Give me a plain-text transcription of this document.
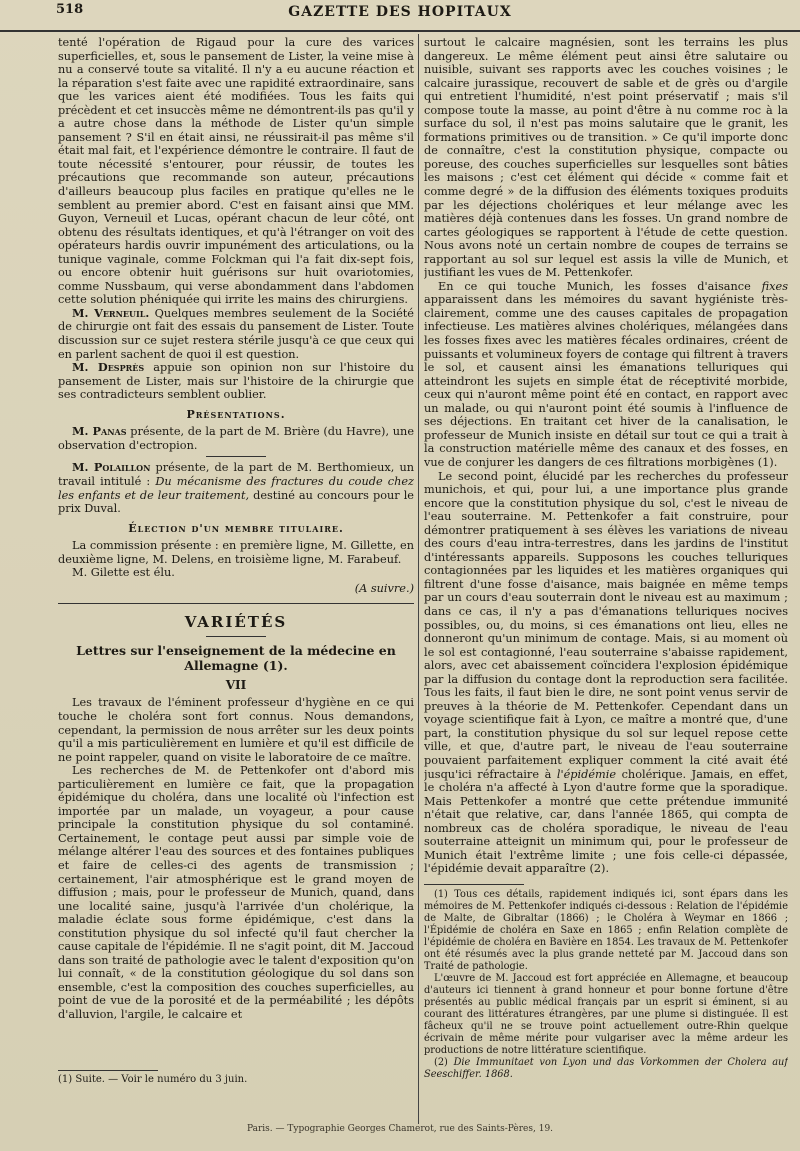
518	GAZETTE DES HOPITAUX

tenté l'opération de Rigaud pour la cure des varices superficielles, et, sous le pansement de Lister, la veine mise à nu a conservé toute sa vitalité. Il n'y a eu aucune réaction et la réparation s'est faite avec une rapidité extraordinaire, sans que les varices aient été modifiées. Tous les faits qui précèdent et cet insuccès même ne démontrent-ils pas qu'il y a autre chose dans la méthode de Lister qu'un simple pansement ? S'il en était ainsi, ne réussirait-il pas même s'il était mal fait, et l'expérience démontre le contraire. Il faut de toute nécessité s'entourer, pour réussir, de toutes les précautions que recommande son auteur, précautions d'ailleurs beaucoup plus faciles en pratique qu'elles ne le semblent au premier abord. C'est en faisant ainsi que MM. Guyon, Verneuil et Lucas, opérant chacun de leur côté, ont obtenu des résultats identiques, et qu'à l'étranger on voit des opérateurs hardis ouvrir impunément des articulations, ou la tunique vaginale, comme Folckman qui l'a fait dix-sept fois, ou encore obtenir huit guérisons sur huit ovariotomies, comme Nussbaum, qui verse abondamment dans l'abdomen cette solution phéniquée qui irrite les mains des chirurgiens.

M. Verneuil. Quelques membres seulement de la Société de chirurgie ont fait des essais du pansement de Lister. Toute discussion sur ce sujet restera stérile jusqu'à ce que ceux qui en parlent sachent de quoi il est question.

M. Desprès appuie son opinion non sur l'histoire du pansement de Lister, mais sur l'histoire de la chirurgie que ses contradicteurs semblent oublier.

Présentations.

M. Panas présente, de la part de M. Brière (du Havre), une observation d'ectropion.

M. Polaillon présente, de la part de M. Berthomieux, un travail intitulé : Du mécanisme des fractures du coude chez les enfants et de leur traitement, destiné au concours pour le prix Duval.

Élection d'un membre titulaire.

La commission présente : en première ligne, M. Gillette, en deuxième ligne, M. Delens, en troisième ligne, M. Farabeuf.

M. Gilette est élu.

(A suivre.)
VARIÉTÉS
Lettres sur l'enseignement de la médecine en Allemagne (1).
VII

Les travaux de l'éminent professeur d'hygiène en ce qui touche le choléra sont fort connus. Nous demandons, cependant, la permission de nous arrêter sur les deux points qu'il a mis particulièrement en lumière et qu'il est difficile de ne point rappeler, quand on visite le laboratoire de ce maître.

Les recherches de M. de Pettenkofer ont d'abord mis particulièrement en lumière ce fait, que la propagation épidémique du choléra, dans une localité où l'infection est importée par un malade, un voyageur, a pour cause principale la constitution physique du sol contaminé. Certainement, le contage peut aussi par simple voie de mélange altérer l'eau des sources et des fontaines publiques et faire de celles-ci des agents de transmission ; certainement, l'air atmosphérique est le grand moyen de diffusion ; mais, pour le professeur de Munich, quand, dans une localité saine, jusqu'à l'arrivée d'un cholérique, la maladie éclate sous forme épidémique, c'est dans la constitution physique du sol infecté qu'il faut chercher la cause capitale de l'épidémie. Il ne s'agit point, dit M. Jaccoud dans son traité de pathologie avec le talent d'exposition qu'on lui connaît, « de la constitution géologique du sol dans son ensemble, c'est la composition des couches superficielles, au point de vue de la porosité et de la perméabilité ; les dépôts d'alluvion, l'argile, le calcaire et

(1) Suite. — Voir le numéro du 3 juin.

surtout le calcaire magnésien, sont les terrains les plus dangereux. Le même élément peut ainsi être salutaire ou nuisible, suivant ses rapports avec les couches voisines ; le calcaire jurassique, recouvert de sable et de grès ou d'argile qui entretient l'humidité, n'est point préservatif ; mais s'il compose toute la masse, au point d'être à nu comme roc à la surface du sol, il n'est pas moins salutaire que le granit, les formations primitives ou de transition. » Ce qu'il importe donc de connaître, c'est la constitution physique, compacte ou poreuse, des couches superficielles sur lesquelles sont bâties les maisons ; c'est cet élément qui décide « comme fait et comme degré » de la diffusion des éléments toxiques produits par les déjections cholériques et leur mélange avec les matières déjà contenues dans les fosses. Un grand nombre de cartes géologiques se rapportent à l'étude de cette question. Nous avons noté un certain nombre de coupes de terrains se rapportant au sol sur lequel est assis la ville de Munich, et justifiant les vues de M. Pettenkofer.

En ce qui touche Munich, les fosses d'aisance fixes apparaissent dans les mémoires du savant hygiéniste très-clairement, comme une des causes capitales de propagation infectieuse. Les matières alvines cholériques, mélangées dans les fosses fixes avec les matières fécales ordinaires, créent de puissants et volumineux foyers de contage qui filtrent à travers le sol, et causent ainsi les émanations telluriques qui atteindront les sujets en simple état de réceptivité morbide, ceux qui n'auront même point été en contact, en rapport avec un malade, ou qui n'auront point été soumis à l'influence de ses déjections. En traitant cet hiver de la canalisation, le professeur de Munich insiste en détail sur tout ce qui a trait à la construction matérielle même des canaux et des fosses, en vue de conjurer les dangers de ces filtrations morbigènes (1).

Le second point, élucidé par les recherches du professeur munichois, et qui, pour lui, a une importance plus grande encore que la constitution physique du sol, c'est le niveau de l'eau souterraine. M. Pettenkofer a fait construire, pour démontrer pratiquement à ses élèves les variations de niveau des cours d'eau intra-terrestres, dans les jardins de l'institut d'intéressants appareils. Supposons les couches telluriques contagionnées par les liquides et les matières organiques qui filtrent d'une fosse d'aisance, mais baignée en même temps par un cours d'eau souterrain dont le niveau est au maximum ; dans ce cas, il n'y a pas d'émanations telluriques nocives possibles, ou, du moins, si ces émanations ont lieu, elles ne donneront qu'un minimum de contage. Mais, si au moment où le sol est contagionné, l'eau souterraine s'abaisse rapidement, alors, avec cet abaissement coïncidera l'explosion épidémique par la diffusion du contage dont la reproduction sera facilitée. Tous les faits, il faut bien le dire, ne sont point venus servir de preuves à la théorie de M. Pettenkofer. Cependant dans un voyage scientifique fait à Lyon, ce maître a montré que, d'une part, la constitution physique du sol sur lequel repose cette ville, et que, d'autre part, le niveau de l'eau souterraine pouvaient parfaitement expliquer comment la cité avait été jusqu'ici réfractaire à l'épidémie cholérique. Jamais, en effet, le choléra n'a affecté à Lyon d'autre forme que la sporadique. Mais Pettenkofer a montré que cette prétendue immunité n'était que relative, car, dans l'année 1865, qui compta de nombreux cas de choléra sporadique, le niveau de l'eau souterraine atteignit un minimum qui, pour le professeur de Munich était l'extrême limite ; une fois celle-ci dépassée, l'épidémie devait apparaître (2).

(1) Tous ces détails, rapidement indiqués ici, sont épars dans les mémoires de M. Pettenkofer indiqués ci-dessous : Relation de l'épidémie de Malte, de Gibraltar (1866) ; le Choléra à Weymar en 1866 ; l'Épidémie de choléra en Saxe en 1865 ; enfin Relation complète de l'épidémie de choléra en Bavière en 1854. Les travaux de M. Pettenkofer ont été résumés avec la plus grande netteté par M. Jaccoud dans son Traité de pathologie.

L'œuvre de M. Jaccoud est fort appréciée en Allemagne, et beaucoup d'auteurs ici tiennent à grand honneur et pour bonne fortune d'être présentés au public médical français par un esprit si éminent, si au courant des littératures étrangères, par une plume si distinguée. Il est fâcheux qu'il ne se trouve point actuellement outre-Rhin quelque écrivain de même mérite pour vulgariser avec la même ardeur les productions de notre littérature scientifique.

(2) Die Immunitaet von Lyon und das Vorkommen der Cholera auf Seeschiffer. 1868.

Paris. — Typographie Georges Chamerot, rue des Saints-Pères, 19.
